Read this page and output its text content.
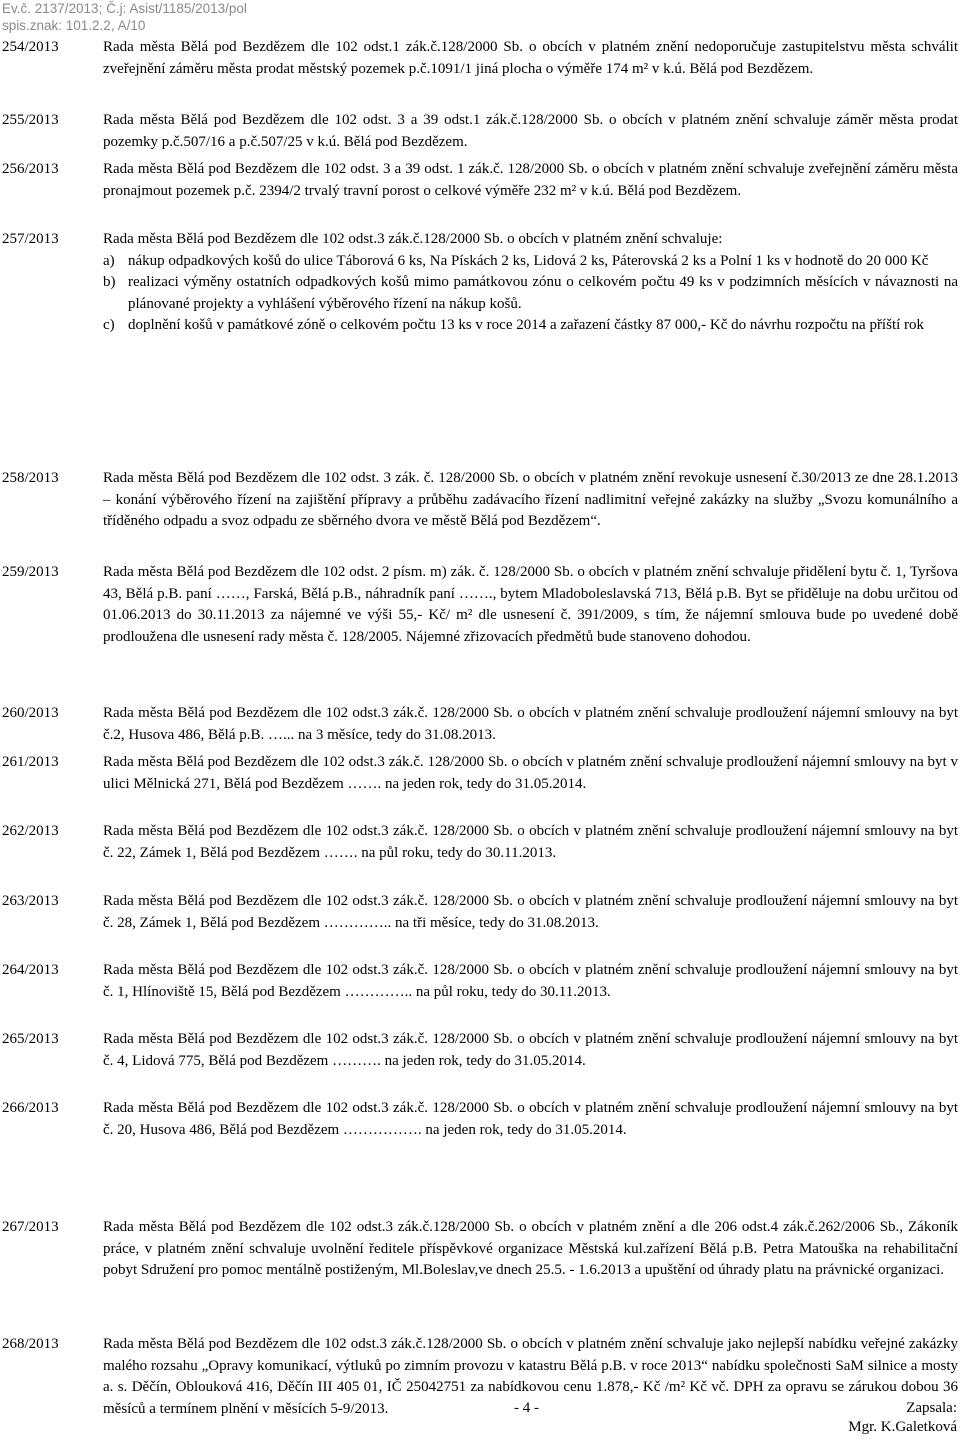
Ev.č. 2137/2013; Č.j: Asist/1185/2013/pol
spis.znak: 101.2.2, A/10
254/2013	Rada města Bělá pod Bezdězem dle 102 odst.1 zák.č.128/2000 Sb. o obcích v platném znění nedoporučuje zastupitelstvu města schválit zveřejnění záměru města prodat městský pozemek p.č.1091/1 jiná plocha o výměře 174 m² v k.ú. Bělá pod Bezdězem.
255/2013	Rada města Bělá pod Bezdězem dle 102 odst. 3 a 39 odst.1 zák.č.128/2000 Sb. o obcích v platném znění schvaluje záměr města prodat pozemky p.č.507/16 a p.č.507/25 v k.ú. Bělá pod Bezdězem.
256/2013	Rada města Bělá pod Bezdězem dle 102 odst. 3 a 39 odst. 1 zák.č. 128/2000 Sb. o obcích v platném znění schvaluje zveřejnění záměru města pronajmout pozemek p.č. 2394/2 trvalý travní porost o celkové výměře 232 m² v k.ú. Bělá pod Bezdězem.
257/2013	Rada města Bělá pod Bezdězem dle 102 odst.3 zák.č.128/2000 Sb. o obcích v platném znění schvaluje:
a) nákup odpadkových košů do ulice Táborová 6 ks, Na Pískách 2 ks, Lidová 2 ks, Páterovská 2 ks a Polní 1 ks v hodnotě do 20 000 Kč
b) realizaci výměny ostatních odpadkových košů mimo památkovou zónu o celkovém počtu 49 ks v podzimních měsících v návaznosti na plánované projekty a vyhlášení výběrového řízení na nákup košů.
c) doplnění košů v památkové zóně o celkovém počtu 13 ks v roce 2014 a zařazení částky 87 000,- Kč do návrhu rozpočtu na příští rok
258/2013	Rada města Bělá pod Bezdězem dle 102 odst. 3 zák. č. 128/2000 Sb. o obcích v platném znění revokuje usnesení č.30/2013 ze dne 28.1.2013 – konání výběrového řízení na zajištění přípravy a průběhu zadávacího řízení nadlimitní veřejné zakázky na služby „Svozu komunálního a tříděného odpadu a svoz odpadu ze sběrného dvora ve městě Bělá pod Bezdězem“.
259/2013	Rada města Bělá pod Bezdězem dle 102 odst. 2 písm. m) zák. č. 128/2000 Sb. o obcích v platném znění schvaluje přidělení bytu č. 1, Tyršova 43, Bělá p.B. paní ……, Farská, Bělá p.B., náhradník paní ……., bytem Mladoboleslavská 713, Bělá p.B. Byt se přiděluje na dobu určitou od 01.06.2013 do 30.11.2013 za nájemné ve výši 55,- Kč/ m² dle usnesení č. 391/2009, s tím, že nájemní smlouva bude po uvedené době prodloužena dle usnesení rady města č. 128/2005. Nájemné zřizovacích předmětů bude stanoveno dohodou.
260/2013	Rada města Bělá pod Bezdězem dle 102 odst.3 zák.č. 128/2000 Sb. o obcích v platném znění schvaluje prodloužení nájemní smlouvy na byt č.2, Husova 486, Bělá p.B. …... na 3 měsíce, tedy do 31.08.2013.
261/2013	Rada města Bělá pod Bezdězem dle 102 odst.3 zák.č. 128/2000 Sb. o obcích v platném znění schvaluje prodloužení nájemní smlouvy na byt v ulici Mělnická 271, Bělá pod Bezdězem ……. na jeden rok, tedy do 31.05.2014.
262/2013	Rada města Bělá pod Bezdězem dle 102 odst.3 zák.č. 128/2000 Sb. o obcích v platném znění schvaluje prodloužení nájemní smlouvy na byt č. 22, Zámek 1, Bělá pod Bezdězem ……. na půl roku, tedy do 30.11.2013.
263/2013	Rada města Bělá pod Bezdězem dle 102 odst.3 zák.č. 128/2000 Sb. o obcích v platném znění schvaluje prodloužení nájemní smlouvy na byt č. 28, Zámek 1, Bělá pod Bezdězem ………….. na tři měsíce, tedy do 31.08.2013.
264/2013	Rada města Bělá pod Bezdězem dle 102 odst.3 zák.č. 128/2000 Sb. o obcích v platném znění schvaluje prodloužení nájemní smlouvy na byt č. 1, Hlínoviště 15, Bělá pod Bezdězem ………….. na půl roku, tedy do 30.11.2013.
265/2013	Rada města Bělá pod Bezdězem dle 102 odst.3 zák.č. 128/2000 Sb. o obcích v platném znění schvaluje prodloužení nájemní smlouvy na byt č. 4, Lidová 775, Bělá pod Bezdězem ………. na jeden rok, tedy do 31.05.2014.
266/2013	Rada města Bělá pod Bezdězem dle 102 odst.3 zák.č. 128/2000 Sb. o obcích v platném znění schvaluje prodloužení nájemní smlouvy na byt č. 20, Husova 486, Bělá pod Bezdězem ……………. na jeden rok, tedy do 31.05.2014.
267/2013	Rada města Bělá pod Bezdězem dle 102 odst.3 zák.č.128/2000 Sb. o obcích v platném znění a dle 206 odst.4 zák.č.262/2006 Sb., Zákoník práce, v platném znění schvaluje uvolnění ředitele příspěvkové organizace Městská kul.zařízení Bělá p.B. Petra Matouška na rehabilitační pobyt Sdružení pro pomoc mentálně postiženým, Ml.Boleslav,ve dnech 25.5. - 1.6.2013 a upuštění od úhrady platu na právnické organizaci.
268/2013	Rada města Bělá pod Bezdězem dle 102 odst.3 zák.č.128/2000 Sb. o obcích v platném znění schvaluje jako nejlepší nabídku veřejné zakázky malého rozsahu „Opravy komunikací, výtluků po zimním provozu v katastru Bělá p.B. v roce 2013“ nabídku společnosti SaM silnice a mosty a. s. Děčín, Oblouková 416, Děčín III 405 01, IČ 25042751 za nabídkovou cenu 1.878,- Kč /m² Kč vč. DPH za opravu se zárukou dobou 36 měsíců a termínem plnění v měsících 5-9/2013.	- 4 -	Zapsala:
Mgr. K.Galetková
